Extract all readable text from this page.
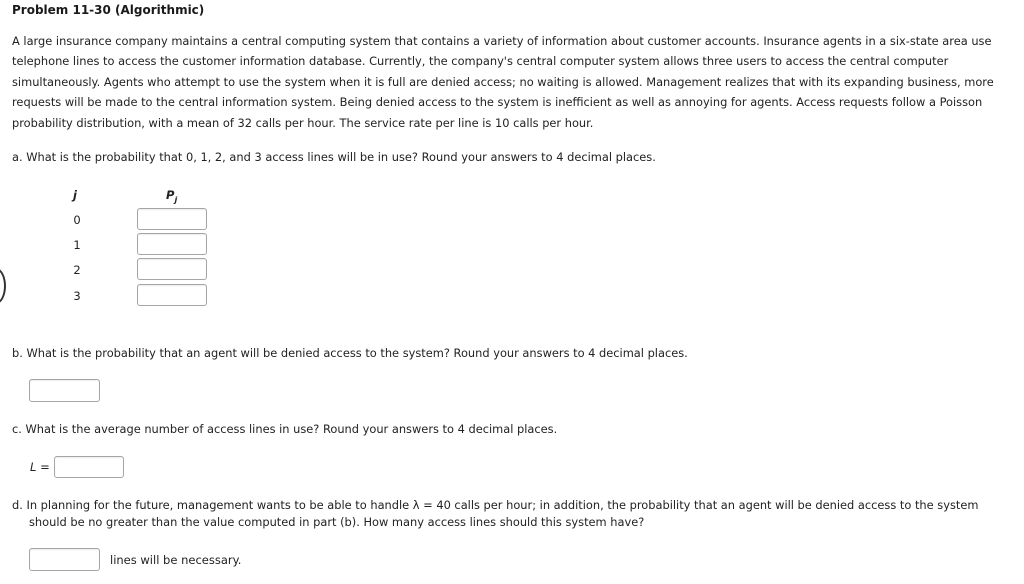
Problem 11-30 (Algorithmic)

A large insurance company maintains a central computing system that contains a variety of information about customer accounts. Insurance agents in a six-state area use telephone lines to access the customer information database. Currently, the company's central computer system allows three users to access the central computer simultaneously. Agents who attempt to use the system when it is full are denied access; no waiting is allowed. Management realizes that with its expanding business, more requests will be made to the central information system. Being denied access to the system is inefficient as well as annoying for agents. Access requests follow a Poisson probability distribution, with a mean of 32 calls per hour. The service rate per line is 10 calls per hour.

a. What is the probability that 0, 1, 2, and 3 access lines will be in use? Round your answers to 4 decimal places.

j	$P_j$
0
1
2
3

b. What is the probability that an agent will be denied access to the system? Round your answers to 4 decimal places.

c. What is the average number of access lines in use? Round your answers to 4 decimal places.

L =

d. In planning for the future, management wants to be able to handle λ = 40 calls per hour; in addition, the probability that an agent will be denied access to the system
should be no greater than the value computed in part (b). How many access lines should this system have?

lines will be necessary.
